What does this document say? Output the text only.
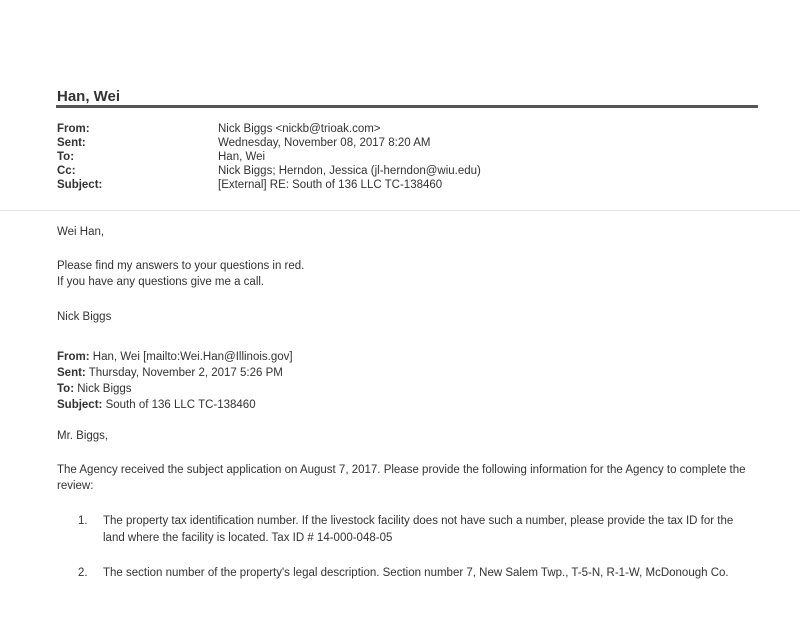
Han, Wei
From:	Nick Biggs <nickb@trioak.com>
Sent:	Wednesday, November 08, 2017 8:20 AM
To:	Han, Wei
Cc:	Nick Biggs; Herndon, Jessica (jl-herndon@wiu.edu)
Subject:	[External] RE: South of 136 LLC TC-138460
Wei Han,
Please find my answers to your questions in red.
If you have any questions give me a call.
Nick Biggs
From: Han, Wei [mailto:Wei.Han@Illinois.gov]
Sent: Thursday, November 2, 2017 5:26 PM
To: Nick Biggs
Subject: South of 136 LLC TC-138460
Mr. Biggs,
The Agency received the subject application on August 7, 2017. Please provide the following information for the Agency to complete the review:
1.	The property tax identification number. If the livestock facility does not have such a number, please provide the tax ID for the land where the facility is located. Tax ID # 14-000-048-05
2.	The section number of the property's legal description. Section number 7, New Salem Twp., T-5-N, R-1-W, McDonough Co.
